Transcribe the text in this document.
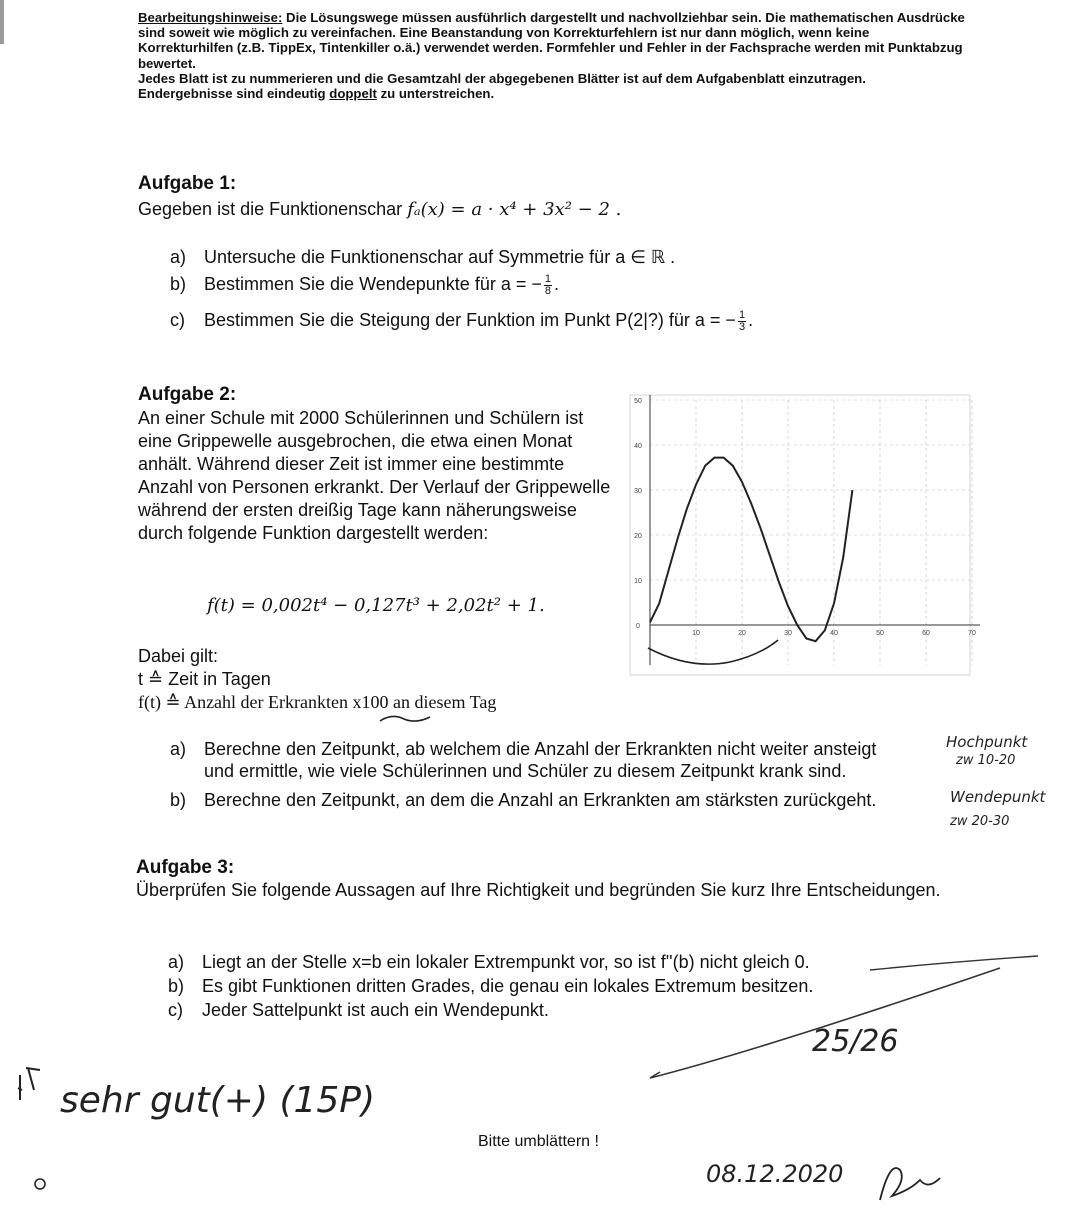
Bearbeitungshinweise: Die Lösungswege müssen ausführlich dargestellt und nachvollziehbar sein. Die mathematischen Ausdrücke sind soweit wie möglich zu vereinfachen. Eine Beanstandung von Korrekturfehlern ist nur dann möglich, wenn keine Korrekturhilfen (z.B. TippEx, Tintenkiller o.ä.) verwendet werden. Formfehler und Fehler in der Fachsprache werden mit Punktabzug bewertet.
Jedes Blatt ist zu nummerieren und die Gesamtzahl der abgegebenen Blätter ist auf dem Aufgabenblatt einzutragen.
Endergebnisse sind eindeutig doppelt zu unterstreichen.
Aufgabe 1:
Gegeben ist die Funktionenschar fₐ(x) = a · x⁴ + 3x² − 2 .
a) Untersuche die Funktionenschar auf Symmetrie für a ∈ ℝ .
b) Bestimmen Sie die Wendepunkte für a = − $\frac{1}{8}$ .
c) Bestimmen Sie die Steigung der Funktion im Punkt P(2|?) für a = − $\frac{1}{3}$ .
Aufgabe 2:
An einer Schule mit 2000 Schülerinnen und Schülern ist eine Grippewelle ausgebrochen, die etwa einen Monat anhält. Während dieser Zeit ist immer eine bestimmte Anzahl von Personen erkrankt. Der Verlauf der Grippewelle während der ersten dreißig Tage kann näherungsweise durch folgende Funktion dargestellt werden:
f(t) = 0,002t⁴ − 0,127t³ + 2,02t² + 1.
0
10
20
30
40
50
10	20	30	40	50	60	70
Dabei gilt:
t ≙ Zeit in Tagen
f(t) ≙ Anzahl der Erkrankten x100 an diesem Tag
a) Berechne den Zeitpunkt, ab welchem die Anzahl der Erkrankten nicht weiter ansteigt
und ermittle, wie viele Schülerinnen und Schüler zu diesem Zeitpunkt krank sind.
b) Berechne den Zeitpunkt, an dem die Anzahl an Erkrankten am stärksten zurückgeht.
Hochpunkt
zw 10-20
Wendepunkt
zw 20-30
Aufgabe 3:
Überprüfen Sie folgende Aussagen auf Ihre Richtigkeit und begründen Sie kurz Ihre Entscheidungen.
a) Liegt an der Stelle x=b ein lokaler Extrempunkt vor, so ist f''(b) nicht gleich 0.
b) Es gibt Funktionen dritten Grades, die genau ein lokales Extremum besitzen.
c) Jeder Sattelpunkt ist auch ein Wendepunkt.
Bitte umblättern !
sehr gut(+) (15P)
25/26
08.12.2020
